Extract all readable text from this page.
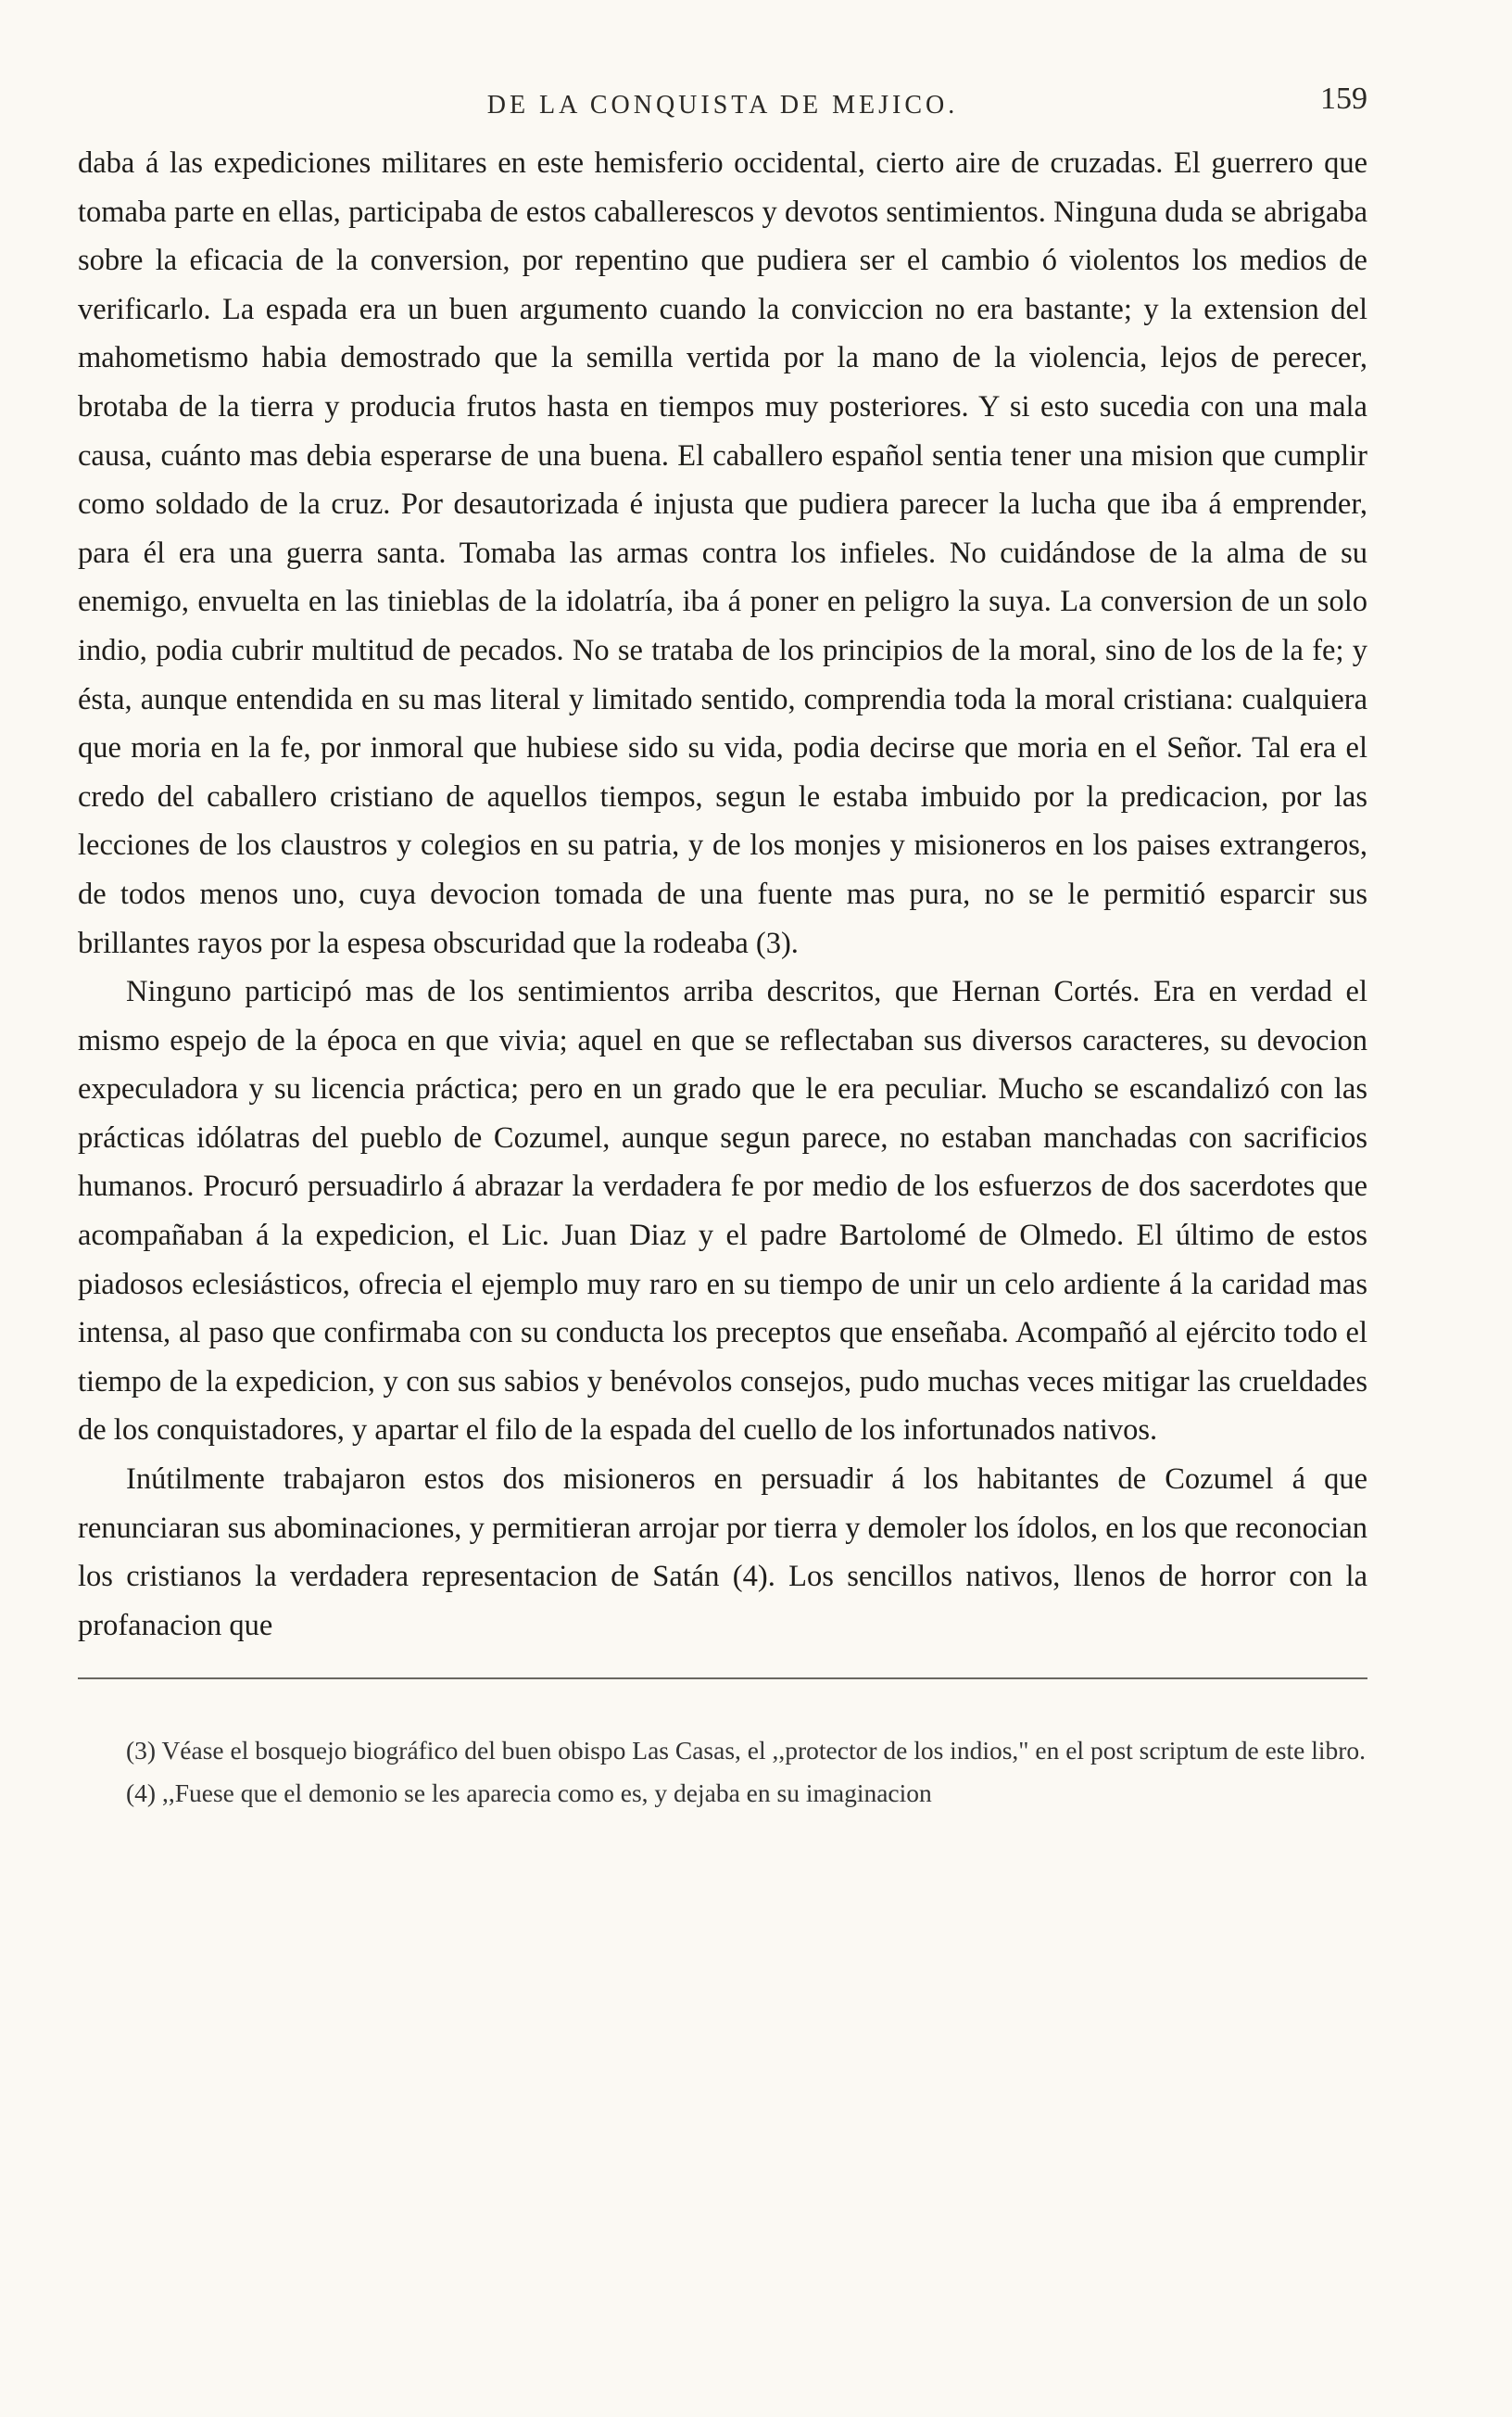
DE LA CONQUISTA DE MEJICO.	159

daba á las expediciones militares en este hemisferio occidental, cierto aire de cruzadas. El guerrero que tomaba parte en ellas, participaba de estos caballerescos y devotos sentimientos. Ninguna duda se abrigaba sobre la eficacia de la conversion, por repentino que pudiera ser el cambio ó violentos los medios de verificarlo. La espada era un buen argumento cuando la conviccion no era bastante; y la extension del mahometismo habia demostrado que la semilla vertida por la mano de la violencia, lejos de perecer, brotaba de la tierra y producia frutos hasta en tiempos muy posteriores. Y si esto sucedia con una mala causa, cuánto mas debia esperarse de una buena. El caballero español sentia tener una mision que cumplir como soldado de la cruz. Por desautorizada é injusta que pudiera parecer la lucha que iba á emprender, para él era una guerra santa. Tomaba las armas contra los infieles. No cuidándose de la alma de su enemigo, envuelta en las tinieblas de la idolatría, iba á poner en peligro la suya. La conversion de un solo indio, podia cubrir multitud de pecados. No se trataba de los principios de la moral, sino de los de la fe; y ésta, aunque entendida en su mas literal y limitado sentido, comprendia toda la moral cristiana: cualquiera que moria en la fe, por inmoral que hubiese sido su vida, podia decirse que moria en el Señor. Tal era el credo del caballero cristiano de aquellos tiempos, segun le estaba imbuido por la predicacion, por las lecciones de los claustros y colegios en su patria, y de los monjes y misioneros en los paises extrangeros, de todos menos uno, cuya devocion tomada de una fuente mas pura, no se le permitió esparcir sus brillantes rayos por la espesa obscuridad que la rodeaba (3).

Ninguno participó mas de los sentimientos arriba descritos, que Hernan Cortés. Era en verdad el mismo espejo de la época en que vivia; aquel en que se reflectaban sus diversos caracteres, su devocion expeculadora y su licencia práctica; pero en un grado que le era peculiar. Mucho se escandalizó con las prácticas idólatras del pueblo de Cozumel, aunque segun parece, no estaban manchadas con sacrificios humanos. Procuró persuadirlo á abrazar la verdadera fe por medio de los esfuerzos de dos sacerdotes que acompañaban á la expedicion, el Lic. Juan Diaz y el padre Bartolomé de Olmedo. El último de estos piadosos eclesiásticos, ofrecia el ejemplo muy raro en su tiempo de unir un celo ardiente á la caridad mas intensa, al paso que confirmaba con su conducta los preceptos que enseñaba. Acompañó al ejército todo el tiempo de la expedicion, y con sus sabios y benévolos consejos, pudo muchas veces mitigar las crueldades de los conquistadores, y apartar el filo de la espada del cuello de los infortunados nativos.

Inútilmente trabajaron estos dos misioneros en persuadir á los habitantes de Cozumel á que renunciaran sus abominaciones, y permitieran arrojar por tierra y demoler los ídolos, en los que reconocian los cristianos la verdadera representacion de Satán (4). Los sencillos nativos, llenos de horror con la profanacion que

(3) Véase el bosquejo biográfico del buen obispo Las Casas, el ,,protector de los indios," en el post scriptum de este libro.

(4) ,,Fuese que el demonio se les aparecia como es, y dejaba en su imaginacion
